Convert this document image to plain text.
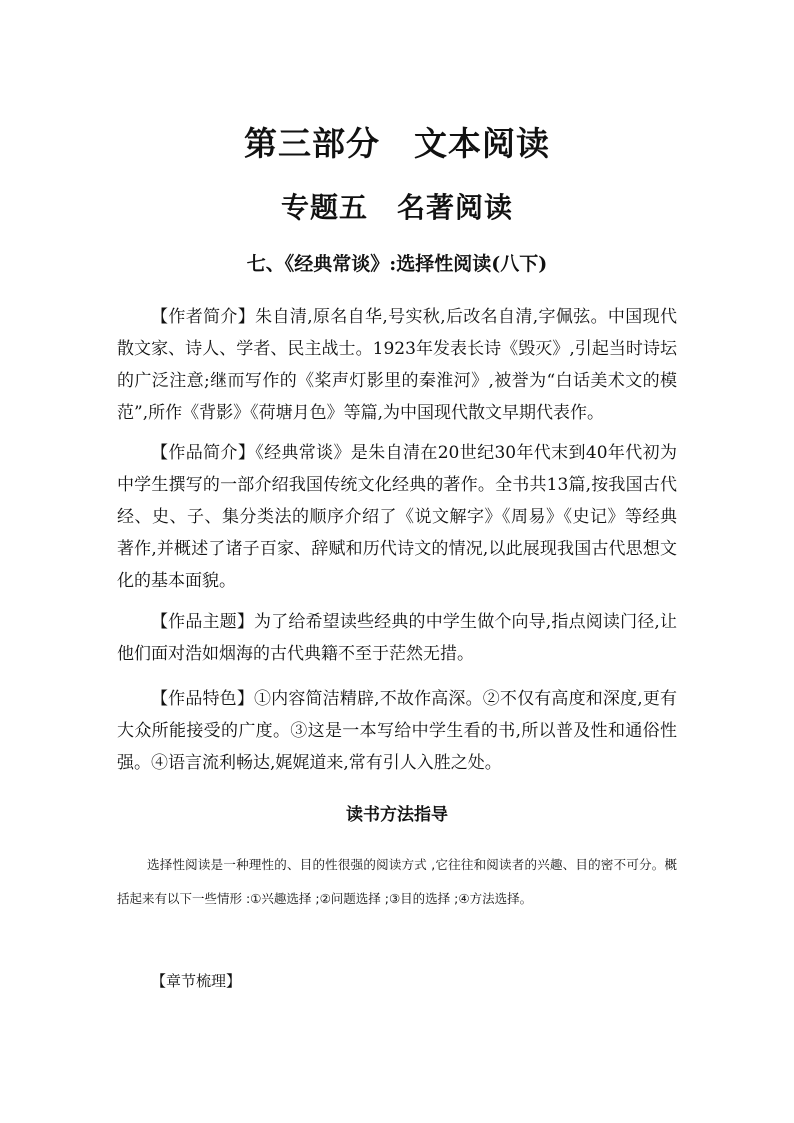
第三部分　文本阅读
专题五　名著阅读
七、《经典常谈》:选择性阅读(八下)
【作者简介】朱自清,原名自华,号实秋,后改名自清,字佩弦。中国现代散文家、诗人、学者、民主战士。1923年发表长诗《毁灭》,引起当时诗坛的广泛注意;继而写作的《桨声灯影里的秦淮河》,被誉为“白话美术文的模范”,所作《背影》《荷塘月色》等篇,为中国现代散文早期代表作。
【作品简介】《经典常谈》是朱自清在20世纪30年代末到40年代初为中学生撰写的一部介绍我国传统文化经典的著作。全书共13篇,按我国古代经、史、子、集分类法的顺序介绍了《说文解字》《周易》《史记》等经典著作,并概述了诸子百家、辞赋和历代诗文的情况,以此展现我国古代思想文化的基本面貌。
【作品主题】为了给希望读些经典的中学生做个向导,指点阅读门径,让他们面对浩如烟海的古代典籍不至于茫然无措。
【作品特色】①内容简洁精辟,不故作高深。②不仅有高度和深度,更有大众所能接受的广度。③这是一本写给中学生看的书,所以普及性和通俗性强。④语言流利畅达,娓娓道来,常有引人入胜之处。
读书方法指导
选择性阅读是一种理性的、目的性很强的阅读方式 ,它往往和阅读者的兴趣、目的密不可分。概括起来有以下一些情形 :①兴趣选择 ;②问题选择 ;③目的选择 ;④方法选择。
【章节梳理】
